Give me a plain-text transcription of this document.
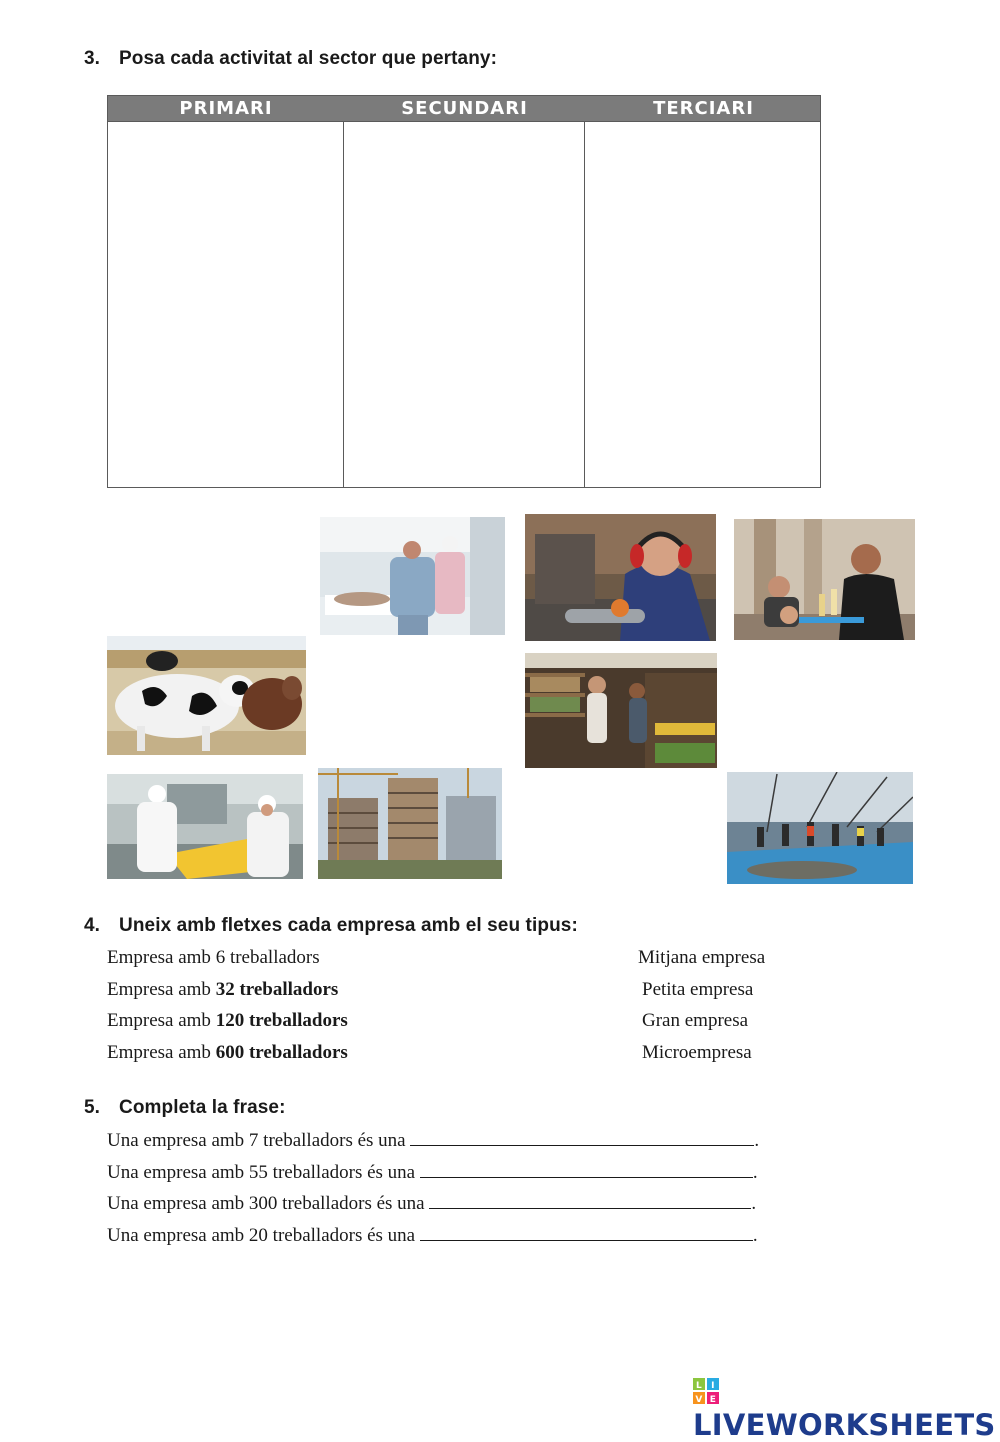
3. Posa cada activitat al sector que pertany:
PRIMARI	SECUNDARI	TERCIARI
4. Uneix amb fletxes cada empresa amb el seu tipus:
Empresa amb 6 treballadors
Empresa amb 32 treballadors
Empresa amb 120 treballadors
Empresa amb 600 treballadors
Mitjana empresa
Petita empresa
Gran empresa
Microempresa
5. Completa la frase:
Una empresa amb 7 treballadors és una	.
Una empresa amb 55 treballadors és una	.
Una empresa amb 300 treballadors és una	.
Una empresa amb 20 treballadors és una	.
L I
V E
LIVEWORKSHEETS
